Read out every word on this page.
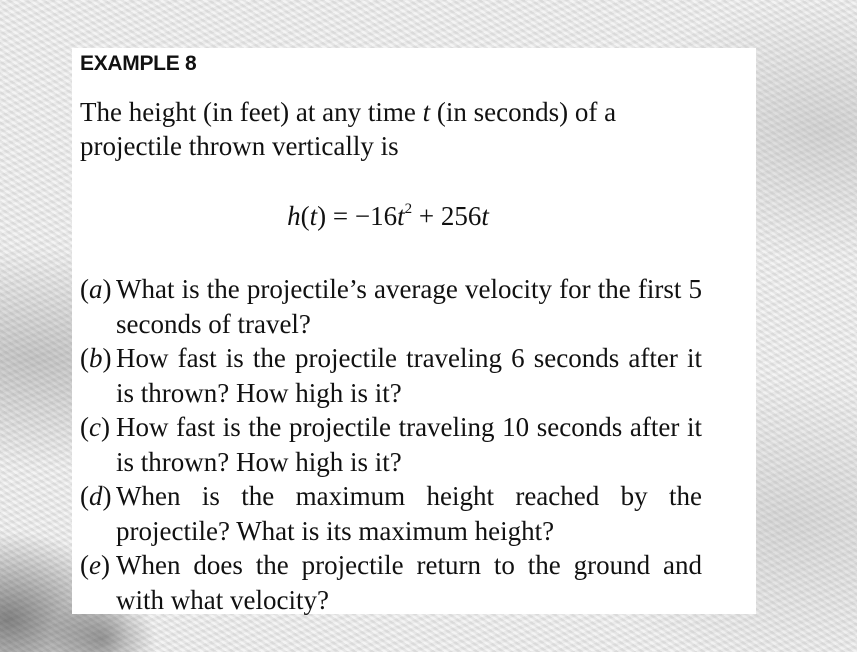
EXAMPLE 8

The height (in feet) at any time t (in seconds) of a projectile thrown vertically is

$h(t) = -16t^2 + 256t$
(a) What is the projectile’s average velocity for the first 5 seconds of travel?
(b) How fast is the projectile traveling 6 seconds after it is thrown? How high is it?
(c) How fast is the projectile traveling 10 seconds after it is thrown? How high is it?
(d) When is the maximum height reached by the projectile? What is its maximum height?
(e) When does the projectile return to the ground and with what velocity?
